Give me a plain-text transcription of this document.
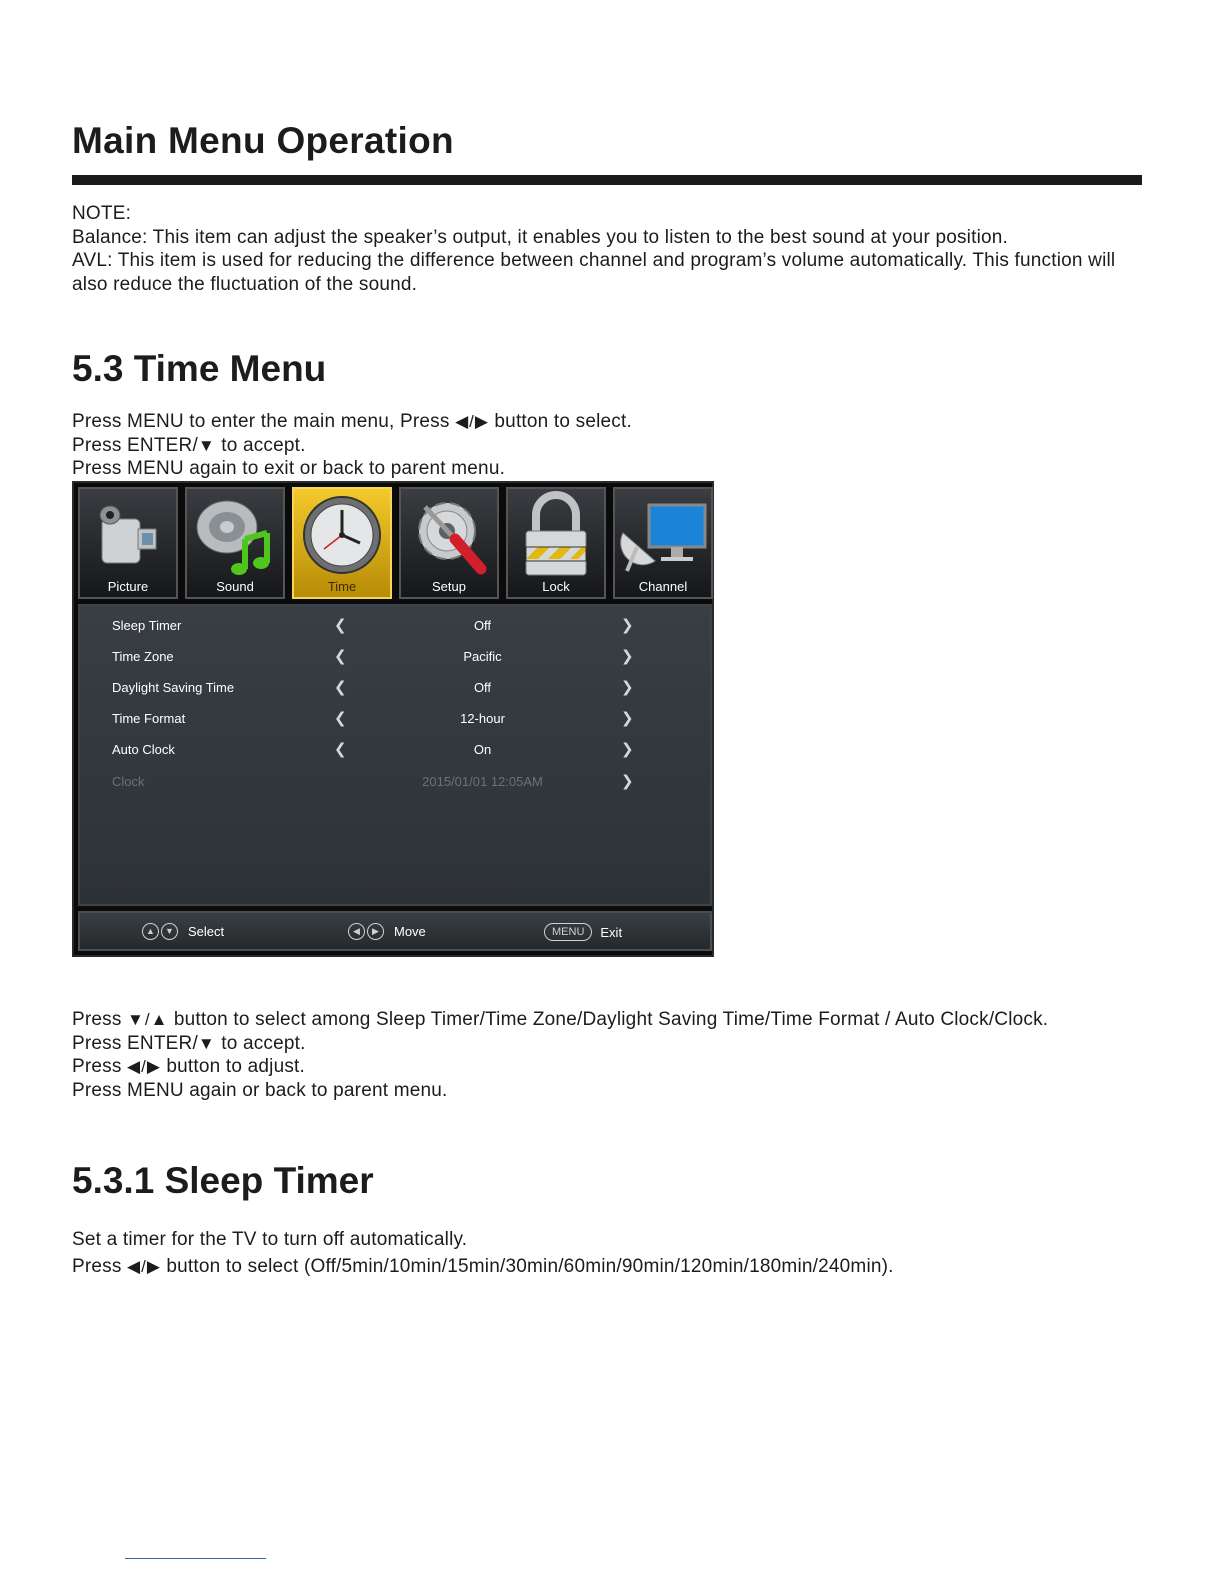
Main Menu Operation

NOTE:

Balance: This item can adjust the speaker’s output, it enables you to listen to the best sound at your position.

AVL: This item is used for reducing the difference between channel and program’s volume automatically. This function will also reduce the fluctuation of the sound.

5.3 Time Menu

Press MENU to enter the main menu, Press ◀/▶ button to select.

Press ENTER/▼ to accept.

Press MENU again to exit or back to parent menu.

Picture	Sound	Time	Setup	Lock	Channel
Sleep Timer	❮	Off	❯
Time Zone	❮	Pacific	❯
Daylight Saving Time	❮	Off	❯
Time Format	❮	12-hour	❯
Auto Clock	❮	On	❯
Clock	2015/01/01 12:05AM	❯
▲	▼	Select	◀	▶	Move	MENU	Exit

Press ▼/▲ button to select among Sleep Timer/Time Zone/Daylight Saving Time/Time Format / Auto Clock/Clock.

Press ENTER/▼ to accept.

Press ◀/▶ button to adjust.

Press MENU again or back to parent menu.

5.3.1 Sleep Timer

Set a timer for the TV to turn off automatically.

Press ◀/▶ button to select (Off/5min/10min/15min/30min/60min/90min/120min/180min/240min).
